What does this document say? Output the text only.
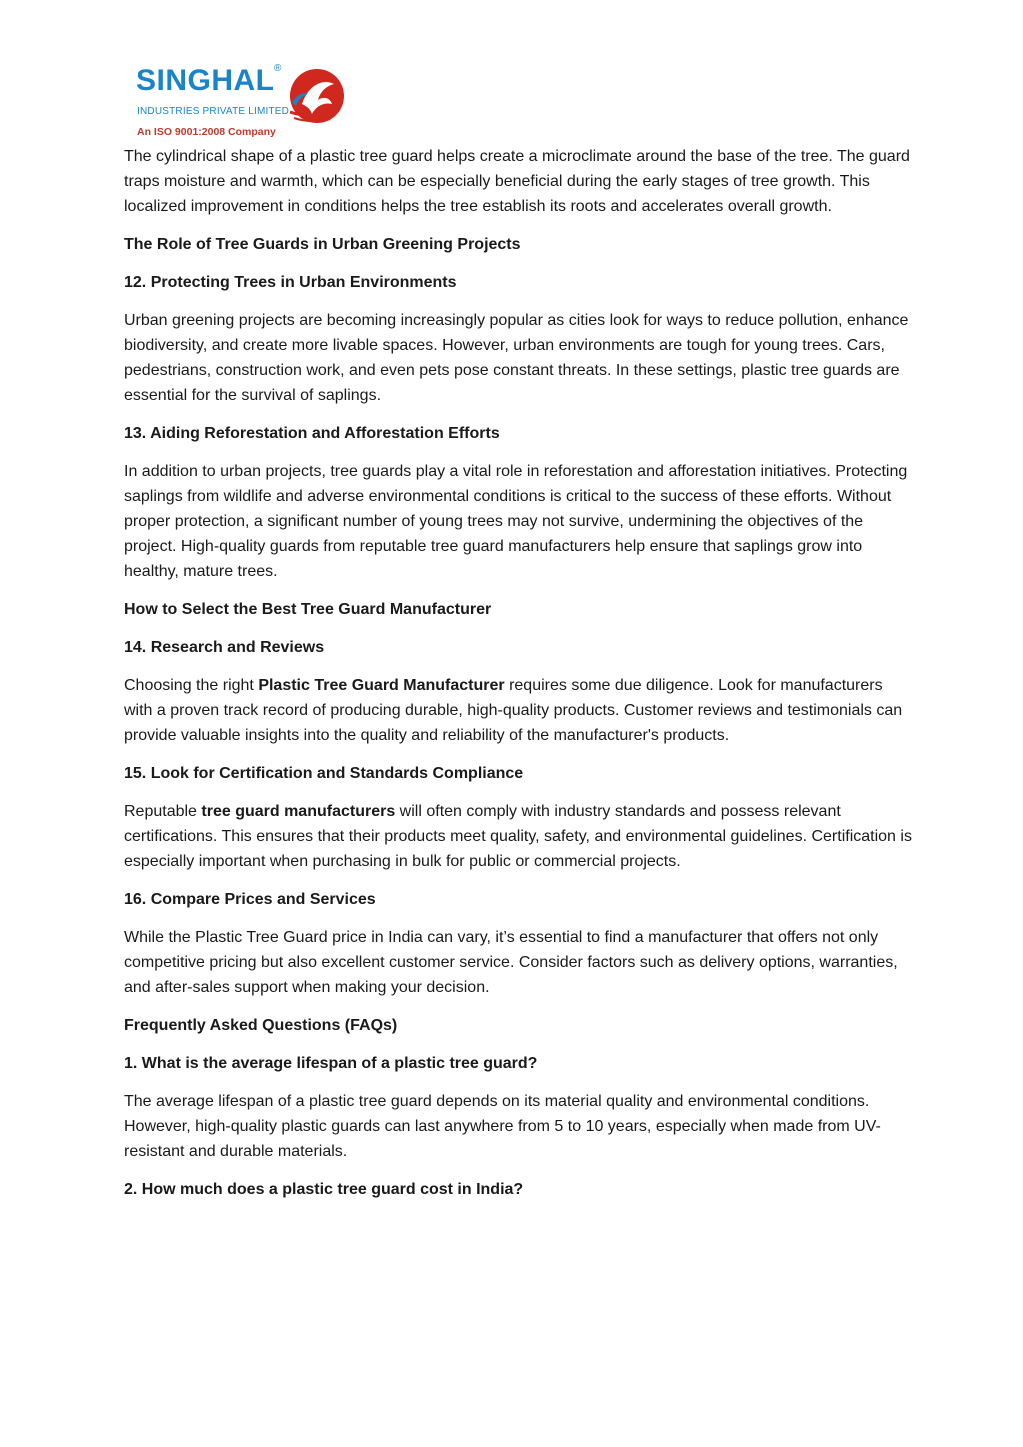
SINGHAL ®
INDUSTRIES PRIVATE LIMITED
An ISO 9001:2008 Company

The cylindrical shape of a plastic tree guard helps create a microclimate around the base of the tree. The guard traps moisture and warmth, which can be especially beneficial during the early stages of tree growth. This localized improvement in conditions helps the tree establish its roots and accelerates overall growth.

The Role of Tree Guards in Urban Greening Projects
12. Protecting Trees in Urban Environments

Urban greening projects are becoming increasingly popular as cities look for ways to reduce pollution, enhance biodiversity, and create more livable spaces. However, urban environments are tough for young trees. Cars, pedestrians, construction work, and even pets pose constant threats. In these settings, plastic tree guards are essential for the survival of saplings.

13. Aiding Reforestation and Afforestation Efforts

In addition to urban projects, tree guards play a vital role in reforestation and afforestation initiatives. Protecting saplings from wildlife and adverse environmental conditions is critical to the success of these efforts. Without proper protection, a significant number of young trees may not survive, undermining the objectives of the project. High-quality guards from reputable tree guard manufacturers help ensure that saplings grow into healthy, mature trees.

How to Select the Best Tree Guard Manufacturer
14. Research and Reviews

Choosing the right Plastic Tree Guard Manufacturer requires some due diligence. Look for manufacturers with a proven track record of producing durable, high-quality products. Customer reviews and testimonials can provide valuable insights into the quality and reliability of the manufacturer's products.

15. Look for Certification and Standards Compliance

Reputable tree guard manufacturers will often comply with industry standards and possess relevant certifications. This ensures that their products meet quality, safety, and environmental guidelines. Certification is especially important when purchasing in bulk for public or commercial projects.

16. Compare Prices and Services

While the Plastic Tree Guard price in India can vary, it’s essential to find a manufacturer that offers not only competitive pricing but also excellent customer service. Consider factors such as delivery options, warranties, and after-sales support when making your decision.

Frequently Asked Questions (FAQs)
1. What is the average lifespan of a plastic tree guard?

The average lifespan of a plastic tree guard depends on its material quality and environmental conditions. However, high-quality plastic guards can last anywhere from 5 to 10 years, especially when made from UV-resistant and durable materials.

2. How much does a plastic tree guard cost in India?
